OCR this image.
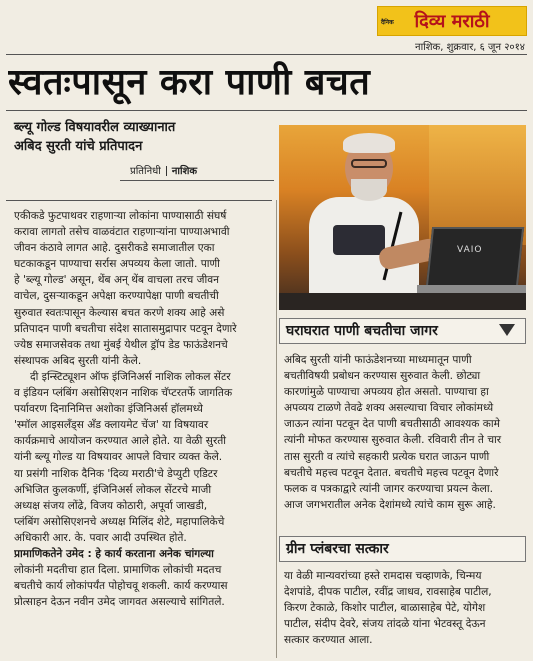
दैनिक दिव्य मराठी
नाशिक, शुक्रवार, ६ जून २०१४
स्वतःपासून करा पाणी बचत
ब्ल्यू गोल्ड विषयावरील व्याख्यानात
अबिद सुरती यांचे प्रतिपादन
प्रतिनिधी नाशिक
एकीकडे फुटपाथवर राहणाऱ्या लोकांना पाण्यासाठी संघर्ष
करावा लागतो तसेच वाळवंटात राहणाऱ्यांना पाण्याअभावी
जीवन कंठावे लागत आहे. दुसरीकडे समाजातील एका
घटकाकडून पाण्याचा सर्रास अपव्यय केला जातो. पाणी
हे 'ब्ल्यू गोल्ड' असून, थेंब अन् थेंब वाचला तरच जीवन
वाचेल, दुसऱ्याकडून अपेक्षा करण्यापेक्षा पाणी बचतीची
सुरुवात स्वतःपासून केल्यास बचत करणे शक्य आहे असे
प्रतिपादन पाणी बचतीचा संदेश सातासमुद्रापार पटवून देणारे
ज्येष्ठ समाजसेवक तथा मुंबई येथील ड्रॉप डेड फाऊंडेशनचे
संस्थापक अबिद सुरती यांनी केले.
दी इन्स्टिट्यूशन ऑफ इंजिनिअर्स नाशिक लोकल सेंटर
व इंडियन प्लंबिंग असोसिएशन नाशिक चॅप्टरतर्फे जागतिक
पर्यावरण दिनानिमित्त अशोका इंजिनिअर्स हॉलमध्ये
'स्मॉल आइसलँड्स अँड क्लायमेट चेंज' या विषयावर
कार्यक्रमाचे आयोजन करण्यात आले होते. या वेळी सुरती
यांनी ब्ल्यू गोल्ड या विषयावर आपले विचार व्यक्त केले.
या प्रसंगी नाशिक दैनिक 'दिव्य मराठी'चे डेप्युटी एडिटर
अभिजित कुलकर्णी, इंजिनिअर्स लोकल सेंटरचे माजी
अध्यक्ष संजय लोंढे, विजय कोठारी, अपूर्वा जाखडी,
प्लंबिंग असोसिएशनचे अध्यक्ष मिलिंद शेटे, महापालिकेचे
अधिकारी आर. के. पवार आदी उपस्थित होते.
प्रामाणिकतेने उमेद : हे कार्य करताना अनेक चांगल्या
लोकांनी मदतीचा हात दिला. प्रामाणिक लोकांची मदतच
बचतीचे कार्य लोकांपर्यंत पोहोचवू शकली. कार्य करण्यास
प्रोत्साहन देऊन नवीन उमेद जागवत असल्याचे सांगितले.
VAIO
घराघरात पाणी बचतीचा जागर
अबिद सुरती यांनी फाऊंडेशनच्या माध्यमातून पाणी
बचतीविषयी प्रबोधन करण्यास सुरुवात केली. छोट्या
कारणांमुळे पाण्याचा अपव्यय होत असतो. पाण्याचा हा
अपव्यय टाळणे तेवढे शक्य असल्याचा विचार लोकांमध्ये
जाऊन त्यांना पटवून देत पाणी बचतीसाठी आवश्यक कामे
त्यांनी मोफत करण्यास सुरुवात केली. रविवारी तीन ते चार
तास सुरती व त्यांचे सहकारी प्रत्येक घरात जाऊन पाणी
बचतीचे महत्त्व पटवून देतात. बचतीचे महत्त्व पटवून देणारे
फलक व पत्रकाद्वारे त्यांनी जागर करण्याचा प्रयत्न केला.
आज जगभरातील अनेक देशांमध्ये त्यांचे काम सुरू आहे.
ग्रीन प्लंबरचा सत्कार
या वेळी मान्यवरांच्या हस्ते रामदास चव्हाणके, चिन्मय
देशपांडे, दीपक पाटील, रवींद्र जाधव, रावसाहेब पाटील,
किरण टेकाळे, किशोर पाटील, बाळासाहेब पेटे, योगेश
पाटील, संदीप देवरे, संजय तांदळे यांना भेटवस्तू देऊन
सत्कार करण्यात आला.
